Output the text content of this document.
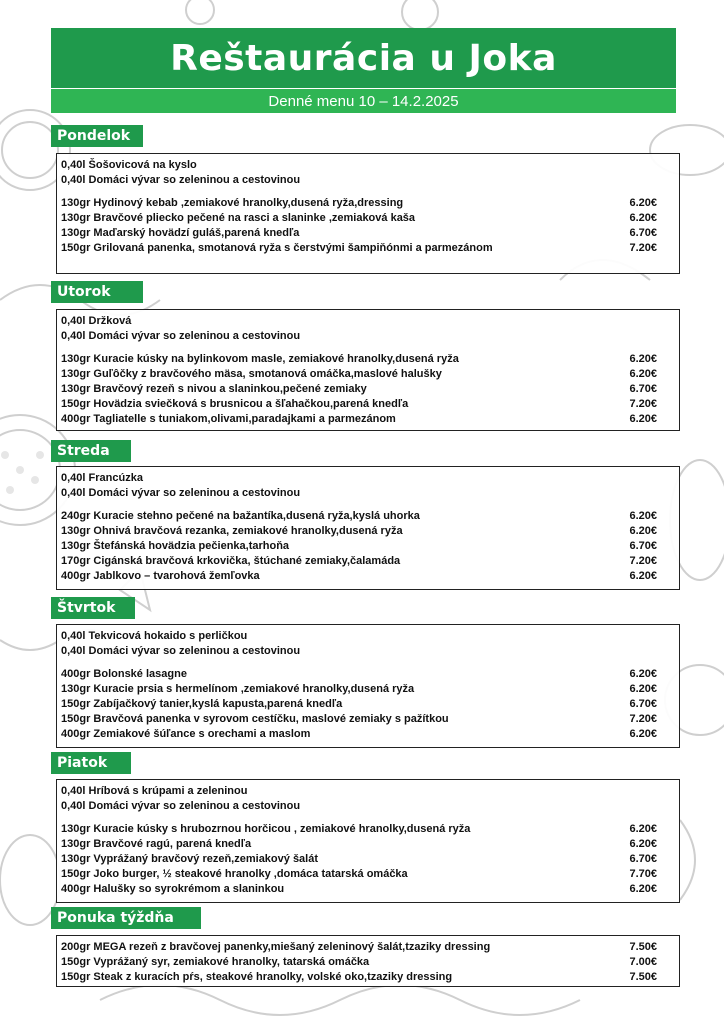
Reštaurácia u Joka
Denné menu 10 – 14.2.2025
Pondelok
0,40l Šošovicová na kyslo
0,40l Domáci vývar so zeleninou a cestovinou
130gr Hydinový kebab ,zemiakové hranolky,dusená ryža,dressing	6.20€
130gr Bravčové pliecko pečené na rasci a slaninke ,zemiaková kaša	6.20€
130gr Maďarský hovädzí guláš,parená knedľa	6.70€
150gr Grilovaná panenka, smotanová ryža s čerstvými šampiňónmi a parmezánom	7.20€
Utorok
0,40l Držková
0,40l Domáci vývar so zeleninou a cestovinou
130gr Kuracie kúsky na bylinkovom masle, zemiakové hranolky,dusená ryža	6.20€
130gr Guľôčky z bravčového mäsa, smotanová omáčka,maslové halušky	6.20€
130gr Bravčový rezeň s nivou a slaninkou,pečené zemiaky	6.70€
150gr Hovädzia sviečková s brusnicou a šľahačkou,parená knedľa	7.20€
400gr Tagliatelle s tuniakom,olivami,paradajkami a parmezánom	6.20€
Streda
0,40l Francúzka
0,40l Domáci vývar so zeleninou a cestovinou
240gr Kuracie stehno pečené na bažantíka,dusená ryža,kyslá uhorka	6.20€
130gr Ohnivá bravčová rezanka, zemiakové hranolky,dusená ryža	6.20€
130gr Štefánská hovädzia pečienka,tarhoňa	6.70€
170gr Cigánská bravčová krkovička, štúchané zemiaky,čalamáda	7.20€
400gr Jablkovo – tvarohová žemľovka	6.20€
Štvrtok
0,40l Tekvicová hokaido s perličkou
0,40l Domáci vývar so zeleninou a cestovinou
400gr Bolonské lasagne	6.20€
130gr Kuracie prsia s hermelínom ,zemiakové hranolky,dusená ryža	6.20€
150gr Zabíjačkový tanier,kyslá kapusta,parená knedľa	6.70€
150gr Bravčová panenka v syrovom cestíčku, maslové zemiaky s pažítkou	7.20€
400gr Zemiakové šúľance s orechami a maslom	6.20€
Piatok
0,40l Hríbová s krúpami a zeleninou
0,40l Domáci vývar so zeleninou a cestovinou
130gr Kuracie kúsky s hrubozrnou horčicou , zemiakové hranolky,dusená ryža	6.20€
130gr Bravčové ragú, parená knedľa	6.20€
130gr Vyprážaný bravčový rezeň,zemiakový šalát	6.70€
150gr Joko burger, ½ steakové hranolky ,domáca tatarská omáčka	7.70€
400gr Halušky so syrokrémom a slaninkou	6.20€
Ponuka týždňa
200gr MEGA rezeň z bravčovej panenky,miešaný zeleninový šalát,tzaziky dressing	7.50€
150gr Vyprážaný syr, zemiakové hranolky, tatarská omáčka	7.00€
150gr Steak z kuracích pŕs, steakové hranolky, volské oko,tzaziky dressing	7.50€
